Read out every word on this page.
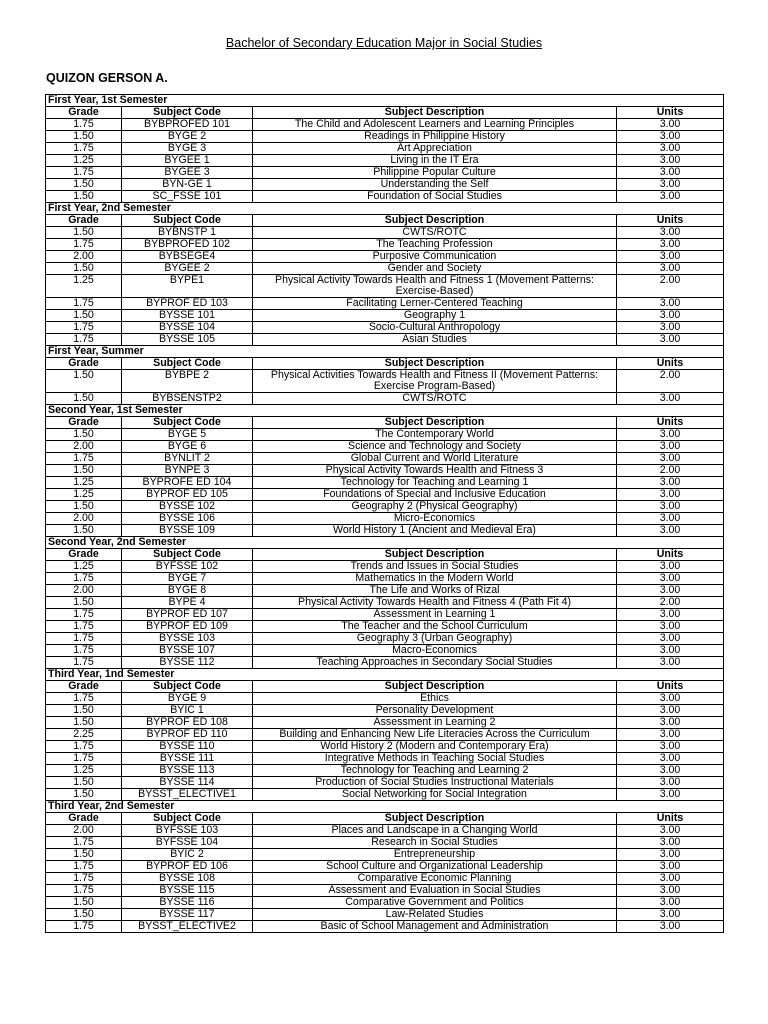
Bachelor of Secondary Education Major in Social Studies
QUIZON GERSON A.
First Year, 1st Semester			
Grade	Subject Code	Subject Description	Units
1.75	BYBPROFED 101	The Child and Adolescent Learners and Learning Principles	3.00
1.50	BYGE 2	Readings in Philippine History	3.00
1.75	BYGE 3	Art Appreciation	3.00
1.25	BYGEE 1	Living in the IT Era	3.00
1.75	BYGEE 3	Philippine Popular Culture	3.00
1.50	BYN-GE 1	Understanding the Self	3.00
1.50	SC_FSSE 101	Foundation of Social Studies	3.00
First Year, 2nd Semester			
Grade	Subject Code	Subject Description	Units
1.50	BYBNSTP 1	CWTS/ROTC	3.00
1.75	BYBPROFED 102	The Teaching Profession	3.00
2.00	BYBSEGE4	Purposive Communication	3.00
1.50	BYGEE 2	Gender and Society	3.00
1.25	BYPE1	Physical Activity Towards Health and Fitness 1 (Movement Patterns: Exercise-Based)	2.00
1.75	BYPROF ED 103	Facilitating Lerner-Centered Teaching	3.00
1.50	BYSSE 101	Geography 1	3.00
1.75	BYSSE 104	Socio-Cultural Anthropology	3.00
1.75	BYSSE 105	Asian Studies	3.00
First Year, Summer			
Grade	Subject Code	Subject Description	Units
1.50	BYBPE 2	Physical Activities Towards Health and Fitness II (Movement Patterns: Exercise Program-Based)	2.00
1.50	BYBSENSTP2	CWTS/ROTC	3.00
Second Year, 1st Semester			
Grade	Subject Code	Subject Description	Units
1.50	BYGE 5	The Contemporary World	3.00
2.00	BYGE 6	Science and Technology and Society	3.00
1.75	BYNLIT 2	Global Current and World Literature	3.00
1.50	BYNPE 3	Physical Activity Towards Health and Fitness 3	2.00
1.25	BYPROFE ED 104	Technology for Teaching and Learning 1	3.00
1.25	BYPROF ED 105	Foundations of Special and Inclusive Education	3.00
1.50	BYSSE 102	Geography 2 (Physical Geography)	3.00
2.00	BYSSE 106	Micro-Economics	3.00
1.50	BYSSE 109	World History 1 (Ancient and Medieval Era)	3.00
Second Year, 2nd Semester			
Grade	Subject Code	Subject Description	Units
1.25	BYFSSE 102	Trends and Issues in Social Studies	3.00
1.75	BYGE 7	Mathematics in the Modern World	3.00
2.00	BYGE 8	The Life and Works of Rizal	3.00
1.50	BYPE 4	Physical Activity Towards Health and Fitness 4 (Path Fit 4)	2.00
1.75	BYPROF ED 107	Assessment in Learning 1	3.00
1.75	BYPROF ED 109	The Teacher and the School Curriculum	3.00
1.75	BYSSE 103	Geography 3 (Urban Geography)	3.00
1.75	BYSSE 107	Macro-Economics	3.00
1.75	BYSSE 112	Teaching Approaches in Secondary Social Studies	3.00
Third Year, 1nd Semester			
Grade	Subject Code	Subject Description	Units
1.75	BYGE 9	Ethics	3.00
1.50	BYIC 1	Personality Development	3.00
1.50	BYPROF ED 108	Assessment in Learning 2	3.00
2.25	BYPROF ED 110	Building and Enhancing New Life Literacies Across the Curriculum	3.00
1.75	BYSSE 110	World History 2 (Modern and Contemporary Era)	3.00
1.75	BYSSE 111	Integrative Methods in Teaching Social Studies	3.00
1.25	BYSSE 113	Technology for Teaching and Learning 2	3.00
1.50	BYSSE 114	Production of Social Studies Instructional Materials	3.00
1.50	BYSST_ELECTIVE1	Social Networking for Social Integration	3.00
Third Year, 2nd Semester			
Grade	Subject Code	Subject Description	Units
2.00	BYFSSE 103	Places and Landscape in a Changing World	3.00
1.75	BYFSSE 104	Research in Social Studies	3.00
1.50	BYIC 2	Entrepreneurship	3.00
1.75	BYPROF ED 106	School Culture and Organizational Leadership	3.00
1.75	BYSSE 108	Comparative Economic Planning	3.00
1.75	BYSSE 115	Assessment and Evaluation in Social Studies	3.00
1.50	BYSSE 116	Comparative Government and Politics	3.00
1.50	BYSSE 117	Law-Related Studies	3.00
1.75	BYSST_ELECTIVE2	Basic of School Management and Administration	3.00
